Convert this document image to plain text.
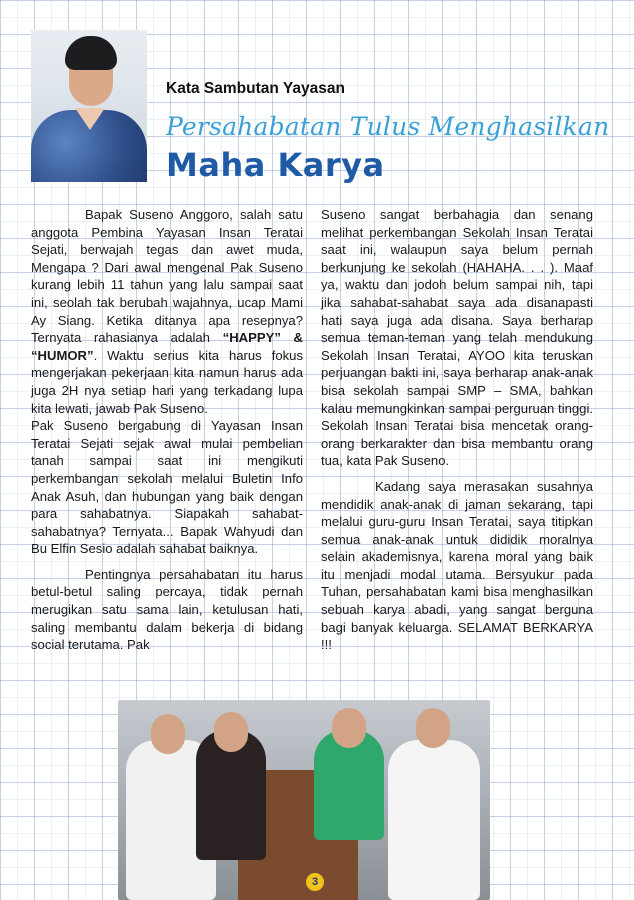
Kata Sambutan Yayasan
Persahabatan Tulus Menghasilkan
Maha Karya

Bapak Suseno Anggoro, salah satu anggota Pembina Yayasan Insan Teratai Sejati, berwajah tegas dan awet muda, Mengapa ? Dari awal mengenal Pak Suseno kurang lebih 11 tahun yang lalu sampai saat ini, seolah tak berubah wajahnya, ucap Mami Ay Siang. Ketika ditanya apa resepnya? Ternyata rahasianya adalah “HAPPY” & “HUMOR”. Waktu serius kita harus fokus mengerjakan pekerjaan kita namun harus ada juga 2H nya setiap hari yang terkadang lupa kita lewati, jawab Pak Suseno.

Pak Suseno bergabung di Yayasan Insan Teratai Sejati sejak awal mulai pembelian tanah sampai saat ini mengikuti perkembangan sekolah melalui Buletin Info Anak Asuh, dan hubungan yang baik dengan para sahabatnya. Siapakah sahabat-sahabatnya? Ternyata... Bapak Wahyudi dan Bu Elfin Sesio adalah sahabat baiknya.

Pentingnya persahabatan itu harus betul-betul saling percaya, tidak pernah merugikan satu sama lain, ketulusan hati, saling membantu dalam bekerja di bidang social terutama. Pak

Suseno sangat berbahagia dan senang melihat perkembangan Sekolah Insan Teratai saat ini, walaupun saya belum pernah berkunjung ke sekolah (HAHAHA. . . ). Maaf ya, waktu dan jodoh belum sampai nih, tapi jika sahabat-sahabat saya ada disanapasti hati saya juga ada disana. Saya berharap semua teman-teman yang telah mendukung Sekolah Insan Teratai, AYOO kita teruskan perjuangan bakti ini, saya berharap anak-anak bisa sekolah sampai SMP – SMA, bahkan kalau memungkinkan sampai perguruan tinggi. Sekolah Insan Teratai bisa mencetak orang-orang berkarakter dan bisa membantu orang tua, kata Pak Suseno.

Kadang saya merasakan susahnya mendidik anak-anak di jaman sekarang, tapi melalui guru-guru Insan Teratai, saya titipkan semua anak-anak untuk dididik moralnya selain akademisnya, karena moral yang baik itu menjadi modal utama. Bersyukur pada Tuhan, persahabatan kami bisa menghasilkan sebuah karya abadi, yang sangat berguna bagi banyak keluarga. SELAMAT BERKARYA !!!

3
